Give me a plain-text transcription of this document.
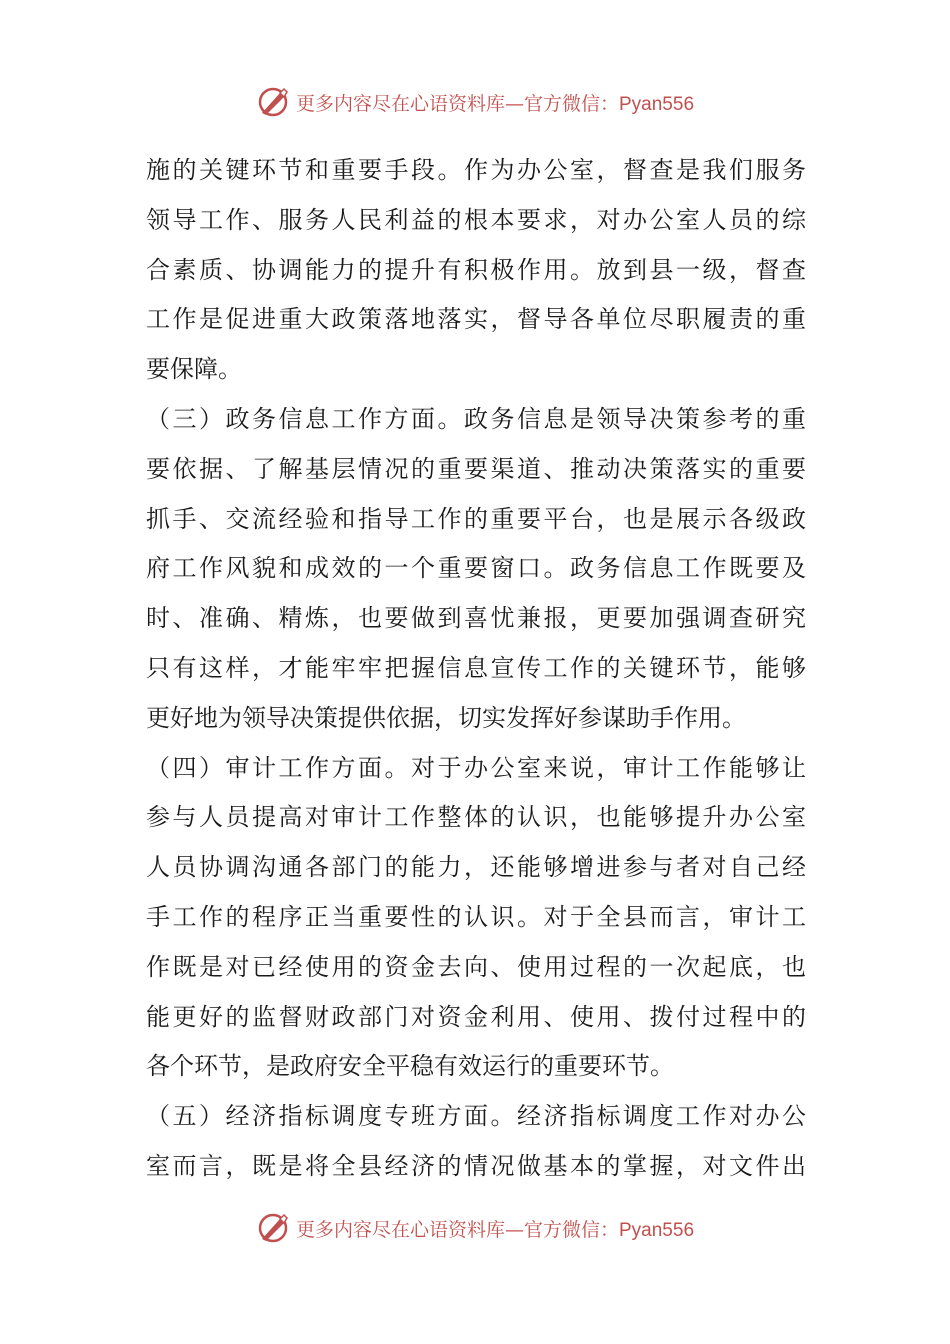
更多内容尽在心语资料库—官方微信：Pyan556
施的关键环节和重要手段。作为办公室，督查是我们服务
领导工作、服务人民利益的根本要求，对办公室人员的综
合素质、协调能力的提升有积极作用。放到县一级，督查
工作是促进重大政策落地落实，督导各单位尽职履责的重
要保障。
（三）政务信息工作方面。政务信息是领导决策参考的重
要依据、了解基层情况的重要渠道、推动决策落实的重要
抓手、交流经验和指导工作的重要平台，也是展示各级政
府工作风貌和成效的一个重要窗口。政务信息工作既要及
时、准确、精炼，也要做到喜忧兼报，更要加强调查研究
只有这样，才能牢牢把握信息宣传工作的关键环节，能够
更好地为领导决策提供依据，切实发挥好参谋助手作用。
（四）审计工作方面。对于办公室来说，审计工作能够让
参与人员提高对审计工作整体的认识，也能够提升办公室
人员协调沟通各部门的能力，还能够增进参与者对自己经
手工作的程序正当重要性的认识。对于全县而言，审计工
作既是对已经使用的资金去向、使用过程的一次起底，也
能更好的监督财政部门对资金利用、使用、拨付过程中的
各个环节，是政府安全平稳有效运行的重要环节。
（五）经济指标调度专班方面。经济指标调度工作对办公
室而言，既是将全县经济的情况做基本的掌握，对文件出
更多内容尽在心语资料库—官方微信：Pyan556
